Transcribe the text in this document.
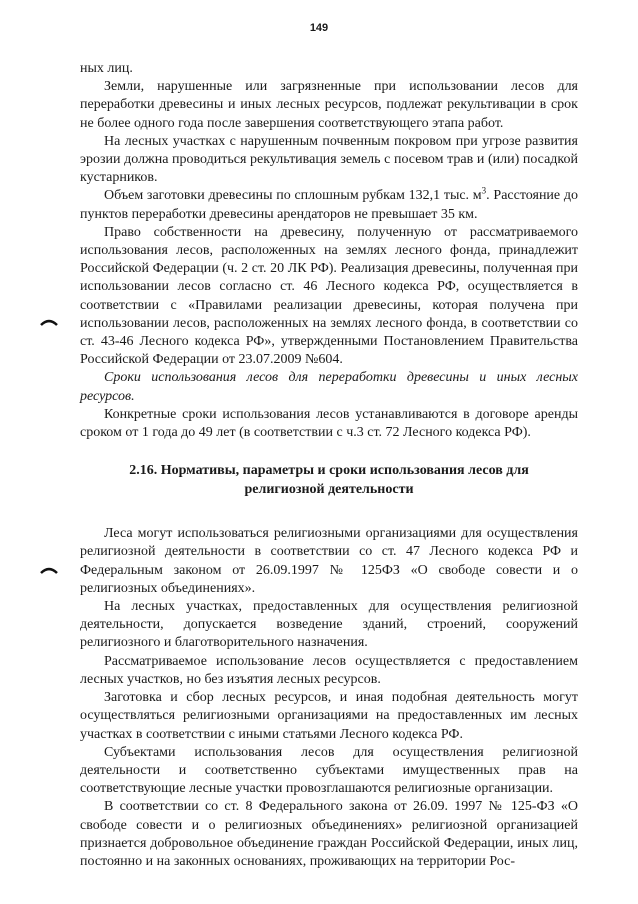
149

ных лиц.

Земли, нарушенные или загрязненные при использовании лесов для переработки древесины и иных лесных ресурсов, подлежат рекультивации в срок не более одного года после завершения соответствующего этапа работ.

На лесных участках с нарушенным почвенным покровом при угрозе развития эрозии должна проводиться рекультивация земель с посевом трав и (или) посадкой кустарников.

Объем заготовки древесины по сплошным рубкам 132,1 тыс. $м^3$. Расстояние до пунктов переработки древесины арендаторов не превышает 35 км.

Право собственности на древесину, полученную от рассматриваемого использования лесов, расположенных на землях лесного фонда, принадлежит Российской Федерации (ч. 2 ст. 20 ЛК РФ). Реализация древесины, полученная при использовании лесов согласно ст. 46 Лесного кодекса РФ, осуществляется в соответствии с «Правилами реализации древесины, которая получена при использовании лесов, расположенных на землях лесного фонда, в соответствии со ст. 43-46 Лесного кодекса РФ», утвержденными Постановлением Правительства Российской Федерации от 23.07.2009 №604.

Сроки использования лесов для переработки древесины и иных лесных ресурсов.

Конкретные сроки использования лесов устанавливаются в договоре аренды сроком от 1 года до 49 лет (в соответствии с ч.3 ст. 72 Лесного кодекса РФ).

2.16. Нормативы, параметры и сроки использования лесов для
религиозной деятельности

Леса могут использоваться религиозными организациями для осуществления религиозной деятельности в соответствии со ст. 47 Лесного кодекса РФ и Федеральным законом от 26.09.1997 № 125ФЗ «О свободе совести и о религиозных объединениях».

На лесных участках, предоставленных для осуществления религиозной деятельности, допускается возведение зданий, строений, сооружений религиозного и благотворительного назначения.

Рассматриваемое использование лесов осуществляется с предоставлением лесных участков, но без изъятия лесных ресурсов.

Заготовка и сбор лесных ресурсов, и иная подобная деятельность могут осуществляться религиозными организациями на предоставленных им лесных участках в соответствии с иными статьями Лесного кодекса РФ.

Субъектами использования лесов для осуществления религиозной деятельности и соответственно субъектами имущественных прав на соответствующие лесные участки провозглашаются религиозные организации.

В соответствии со ст. 8 Федерального закона от 26.09. 1997 № 125-ФЗ «О свободе совести и о религиозных объединениях» религиозной организацией признается добровольное объединение граждан Российской Федерации, иных лиц, постоянно и на законных основаниях, проживающих на территории Рос-
